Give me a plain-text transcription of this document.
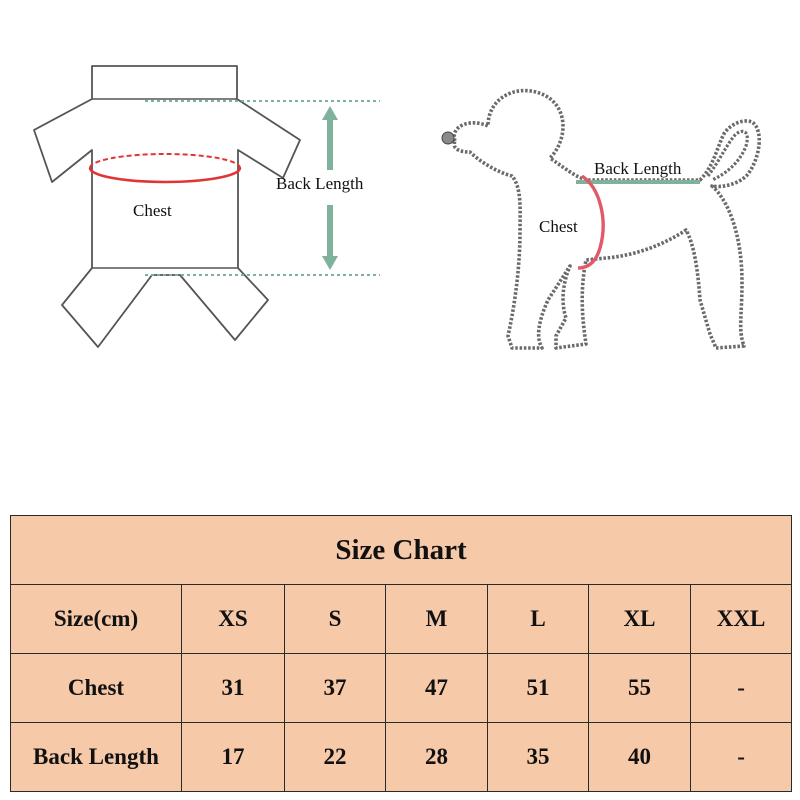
Chest
Back Length
Back Length
Chest
Size Chart						
Size(cm)	XS	S	M	L	XL	XXL
Chest	31	37	47	51	55	-
Back Length	17	22	28	35	40	-
